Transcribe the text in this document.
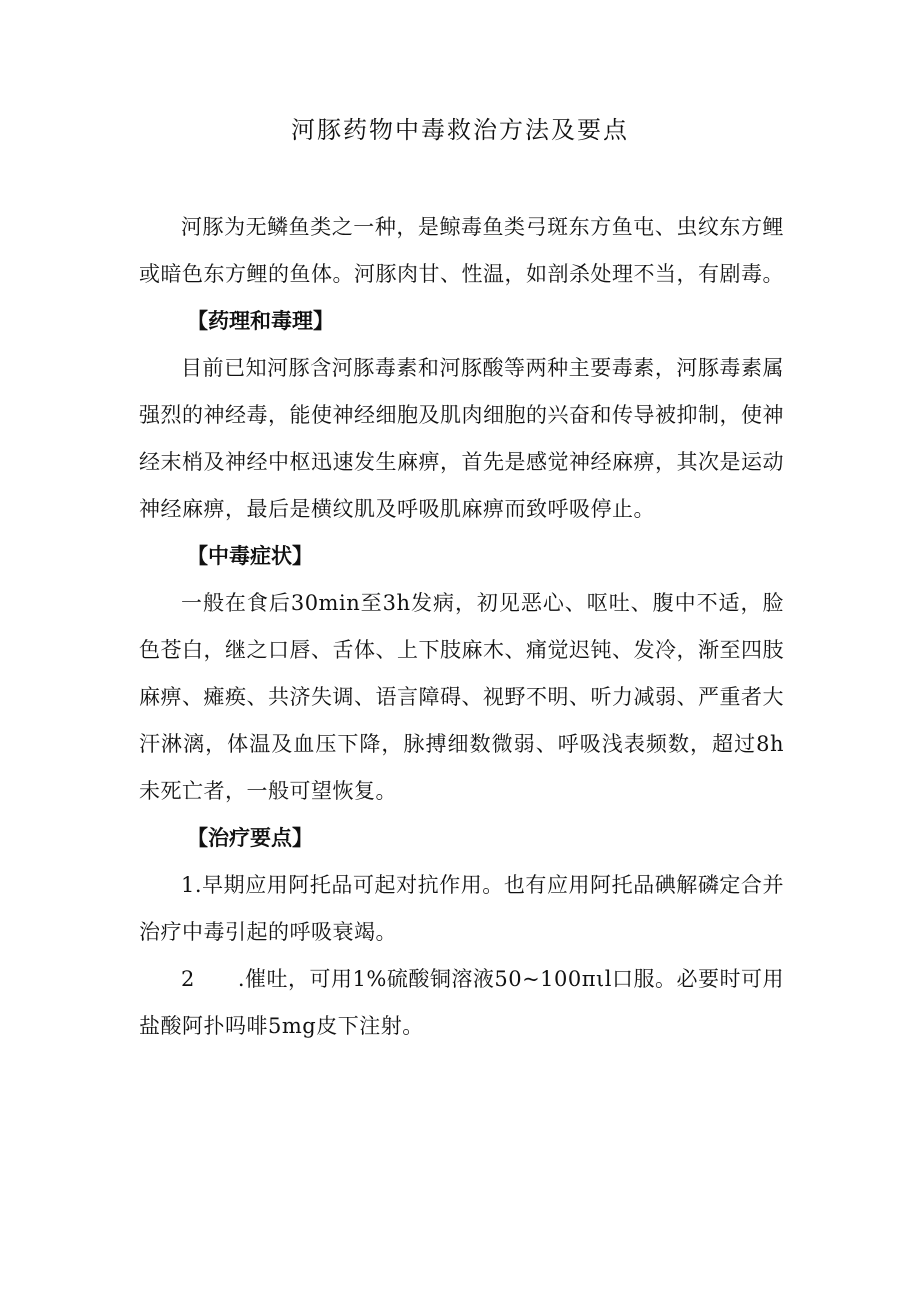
河豚药物中毒救治方法及要点

河豚为无鳞鱼类之一种，是鲸毒鱼类弓斑东方鱼屯、虫纹东方鲤或暗色东方鲤的鱼体。河豚肉甘、性温，如剖杀处理不当，有剧毒。

【药理和毒理】

目前已知河豚含河豚毒素和河豚酸等两种主要毒素，河豚毒素属强烈的神经毒，能使神经细胞及肌肉细胞的兴奋和传导被抑制，使神经末梢及神经中枢迅速发生麻痹，首先是感觉神经麻痹，其次是运动神经麻痹，最后是横纹肌及呼吸肌麻痹而致呼吸停止。

【中毒症状】

一般在食后30min至3h发病，初见恶心、呕吐、腹中不适，脸色苍白，继之口唇、舌体、上下肢麻木、痛觉迟钝、发冷，渐至四肢麻痹、瘫痪、共济失调、语言障碍、视野不明、听力减弱、严重者大汗淋漓，体温及血压下降，脉搏细数微弱、呼吸浅表频数，超过8h未死亡者，一般可望恢复。

【治疗要点】

1.早期应用阿托品可起对抗作用。也有应用阿托品碘解磷定合并治疗中毒引起的呼吸衰竭。

2　　.催吐，可用1%硫酸铜溶液50~100πιl口服。必要时可用盐酸阿扑吗啡5mg皮下注射。
